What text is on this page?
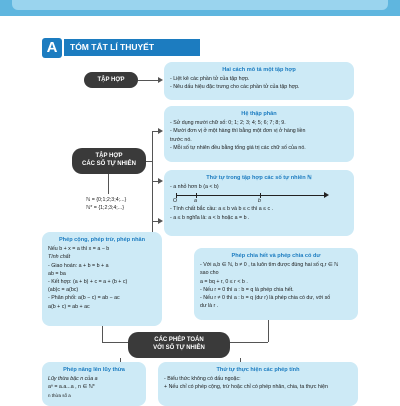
A	TÓM TẮT LÍ THUYẾT
TẬP HỢP
Hai cách mô tả một tập hợp
- Liệt kê các phần tử của tập hợp.
- Nêu dấu hiệu đặc trưng cho các phần tử của tập hợp.
Hệ thập phân
- Sử dụng mười chữ số: 0; 1; 2; 3; 4; 5; 6; 7; 8; 9.
- Mười đơn vị ở một hàng thì bằng một đơn vị ở hàng liền
trước nó.
- Mỗi số tự nhiên đều bằng tổng giá trị các chữ số của nó.
TẬP HỢP
CÁC SỐ TỰ NHIÊN
ℕ = {0;1;2;3;4;...}
ℕ* = {1;2;3;4;...}
Thứ tự trong tập hợp các số tự nhiên ℕ
- a nhỏ hơn b (a < b)
O	a	b
- Tính chất bắc cầu: a ≤ b và b ≤ c thì a ≤ c .
- a ≤ b nghĩa là: a < b hoặc a = b .
Phép cộng, phép trừ, phép nhân
Nếu b + x = a thì x = a − b
Tính chất
- Giao hoán: a + b = b + a
ab = ba
- Kết hợp: (a + b) + c = a + (b + c)
(ab)c = a(bc)
- Phân phối: a(b − c) = ab − ac
a(b + c) = ab + ac
Phép chia hết và phép chia có dư
- Với a,b ∈ ℕ, b ≠ 0 , ta luôn tìm được đúng hai số q,r ∈ ℕ
sao cho
a = bq + r, 0 ≤ r < b .
- Nếu r = 0 thì a : b = q là phép chia hết.
- Nếu r ≠ 0 thì a : b = q (dư r) là phép chia có dư, với số
dư là r .
CÁC PHÉP TOÁN
VỚI SỐ TỰ NHIÊN
Phép nâng lên lũy thừa
Lũy thừa bậc n của a
aⁿ = a.a...a , n ∈ ℕ*
n thừa số a
Thứ tự thực hiện các phép tính
- Biểu thức không có dấu ngoặc:
+ Nếu chỉ có phép cộng, trừ hoặc chỉ có phép nhân, chia, ta thực hiện
